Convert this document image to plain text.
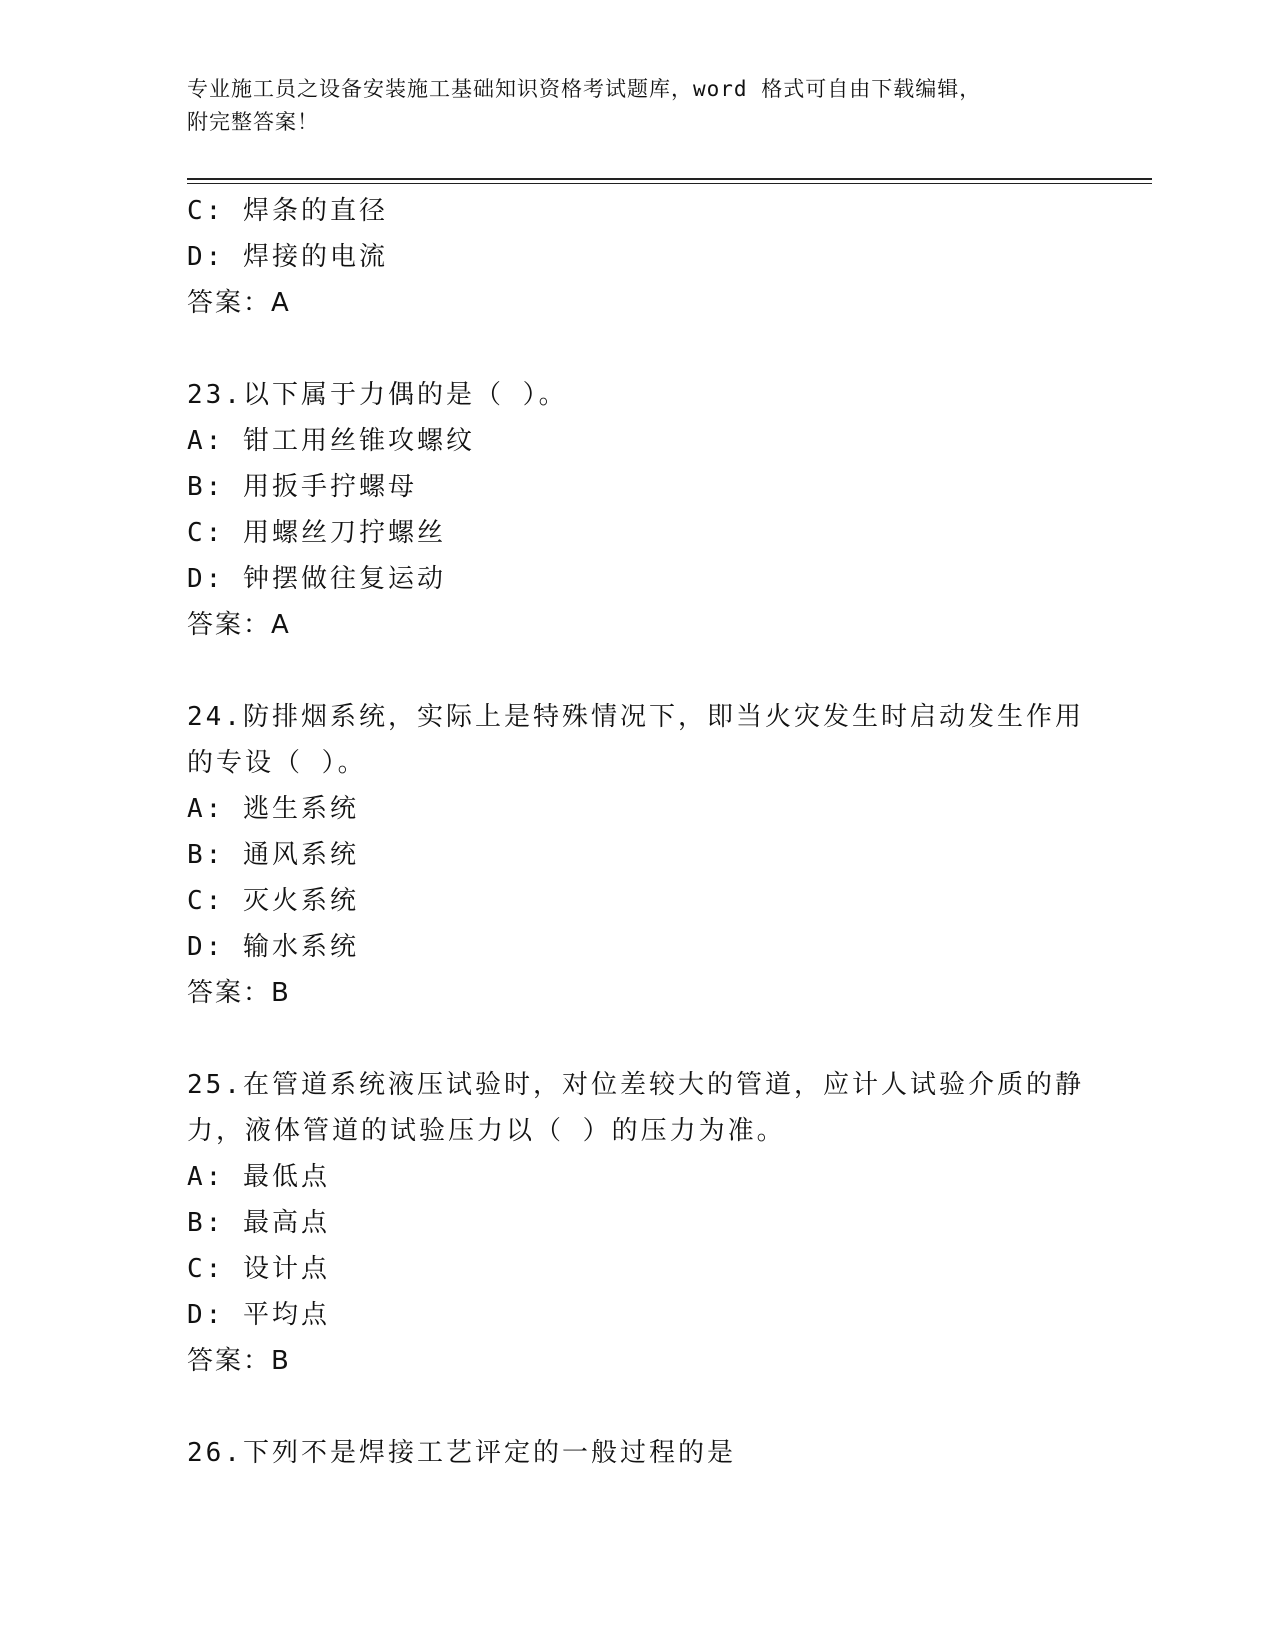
专业施工员之设备安装施工基础知识资格考试题库，word 格式可自由下载编辑，
附完整答案！

C: 焊条的直径

D: 焊接的电流

答案：A

23.以下属于力偶的是（ ）。

A: 钳工用丝锥攻螺纹

B: 用扳手拧螺母

C: 用螺丝刀拧螺丝

D: 钟摆做往复运动

答案：A

24.防排烟系统，实际上是特殊情况下，即当火灾发生时启动发生作用

的专设（ ）。

A: 逃生系统

B: 通风系统

C: 灭火系统

D: 输水系统

答案：B

25.在管道系统液压试验时，对位差较大的管道，应计人试验介质的静

力，液体管道的试验压力以（ ）的压力为准。

A: 最低点

B: 最高点

C: 设计点

D: 平均点

答案：B

26.下列不是焊接工艺评定的一般过程的是
